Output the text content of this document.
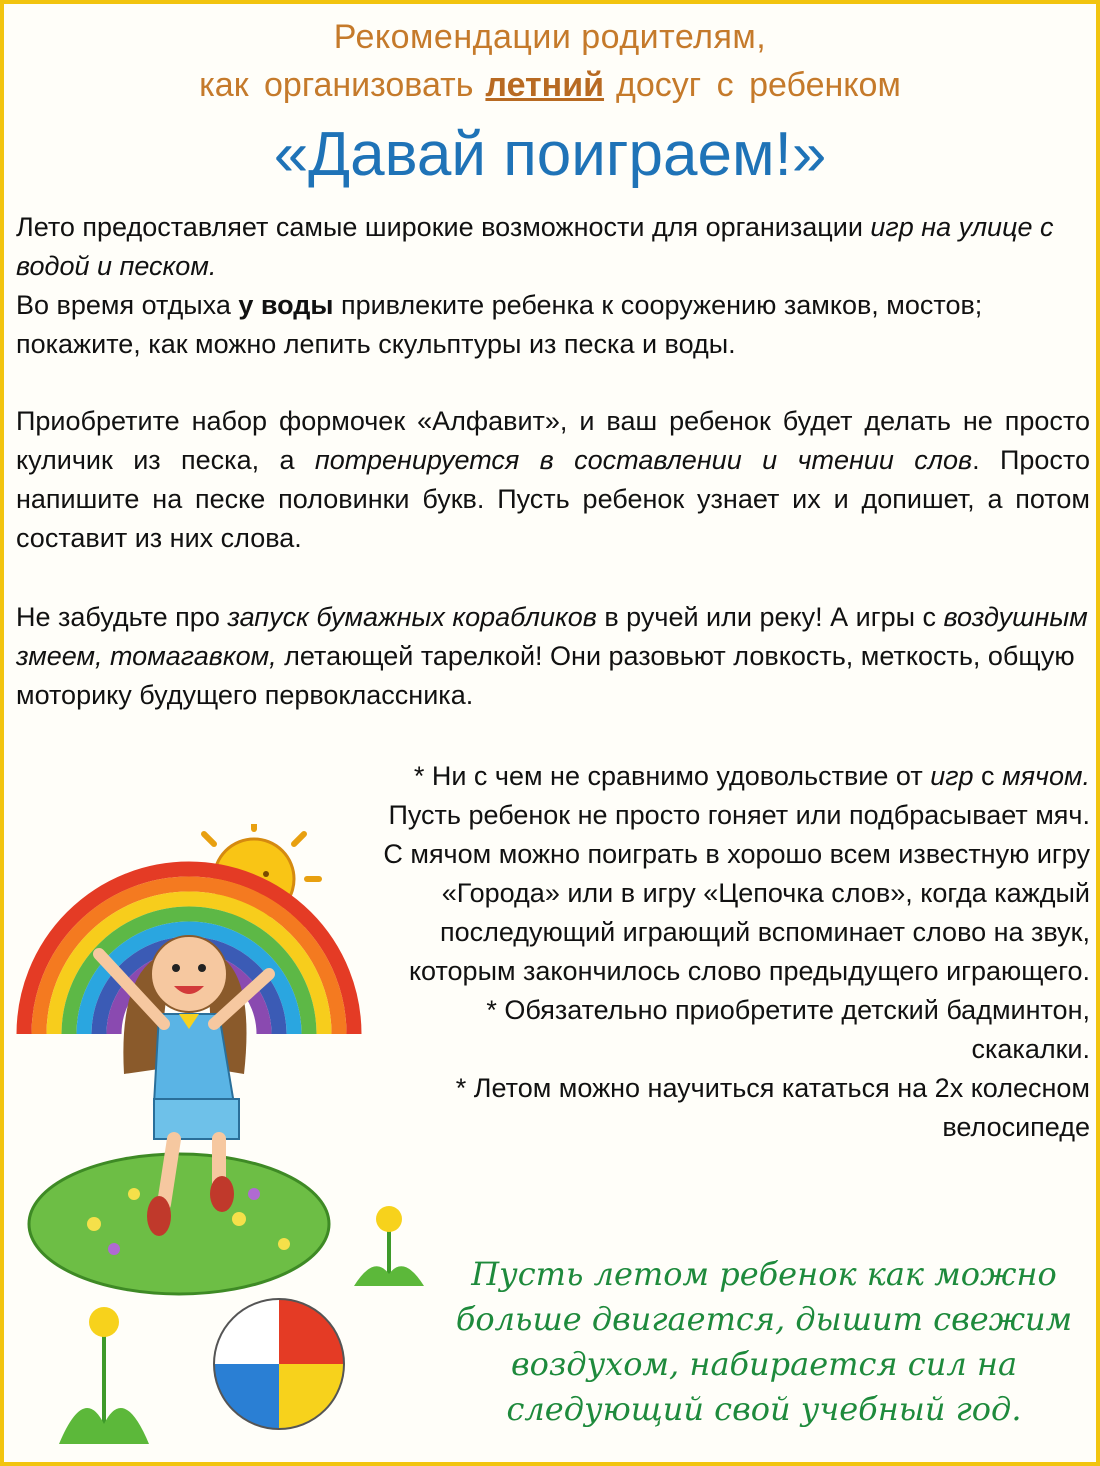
Рекомендации родителям,
как организовать летний досуг с ребенком
«Давай поиграем!»
Лето предоставляет самые широкие возможности для организации игр на улице с водой и песком.
Во время отдыха у воды привлеките ребенка к сооружению замков, мостов; покажите, как можно лепить скульптуры из песка и воды.
Приобретите набор формочек «Алфавит», и ваш ребенок будет делать не просто куличик из песка, а потренируется в составлении и чтении слов. Просто напишите на песке половинки букв. Пусть ребенок узнает их и допишет, а потом составит из них слова.
Не забудьте про запуск бумажных корабликов в ручей или реку! А игры с воздушным змеем, томагавком, летающей тарелкой! Они разовьют ловкость, меткость, общую моторику будущего первоклассника.
* Ни с чем не сравнимо удовольствие от игр с мячом. Пусть ребенок не просто гоняет или подбрасывает мяч. С мячом можно поиграть в хорошо всем известную игру «Города» или в игру «Цепочка слов», когда каждый последующий играющий вспоминает слово на звук, которым закончилось слово предыдущего играющего.
* Обязательно приобретите детский бадминтон, скакалки.
* Летом можно научиться кататься на 2х колесном велосипеде
Пусть летом ребенок как можно больше двигается, дышит свежим воздухом, набирается сил на следующий свой учебный год.
